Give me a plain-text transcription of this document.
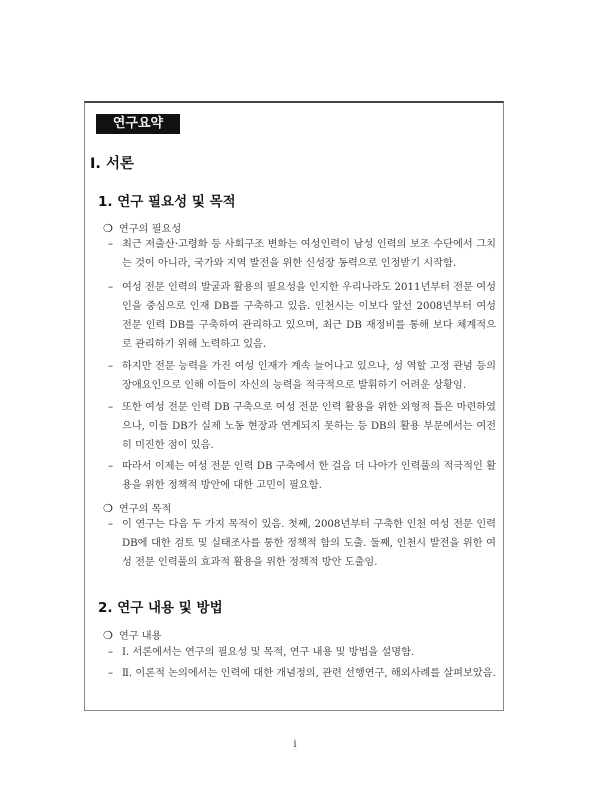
연구요약
Ⅰ. 서론
1. 연구 필요성 및 목적
❍ 연구의 필요성
– 최근 저출산·고령화 등 사회구조 변화는 여성인력이 남성 인력의 보조 수단에서 그치는 것이 아니라, 국가와 지역 발전을 위한 신성장 동력으로 인정받기 시작함.
– 여성 전문 인력의 발굴과 활용의 필요성을 인지한 우리나라도 2011년부터 전문 여성인을 중심으로 인재 DB를 구축하고 있음. 인천시는 이보다 앞선 2008년부터 여성 전문 인력 DB를 구축하여 관리하고 있으며, 최근 DB 재정비를 통해 보다 체계적으로 관리하기 위해 노력하고 있음.
– 하지만 전문 능력을 가진 여성 인재가 계속 늘어나고 있으나, 성 역할 고정 관념 등의 장애요인으로 인해 이들이 자신의 능력을 적극적으로 발휘하기 어려운 상황임.
– 또한 여성 전문 인력 DB 구축으로 여성 전문 인력 활용을 위한 외형적 틀은 마련하였으나, 이들 DB가 실제 노동 현장과 연계되지 못하는 등 DB의 활용 부문에서는 여전히 미진한 점이 있음.
– 따라서 이제는 여성 전문 인력 DB 구축에서 한 걸음 더 나아가 인력풀의 적극적인 활용을 위한 정책적 방안에 대한 고민이 필요함.
❍ 연구의 목적
– 이 연구는 다음 두 가지 목적이 있음. 첫째, 2008년부터 구축한 인천 여성 전문 인력 DB에 대한 검토 및 실태조사를 통한 정책적 함의 도출. 둘째, 인천시 발전을 위한 여성 전문 인력풀의 효과적 활용을 위한 정책적 방안 도출임.
2. 연구 내용 및 방법
❍ 연구 내용
– Ⅰ. 서론에서는 연구의 필요성 및 목적, 연구 내용 및 방법을 설명함.
– Ⅱ. 이론적 논의에서는 인력에 대한 개념정의, 관련 선행연구, 해외사례를 살펴보았음.
i
